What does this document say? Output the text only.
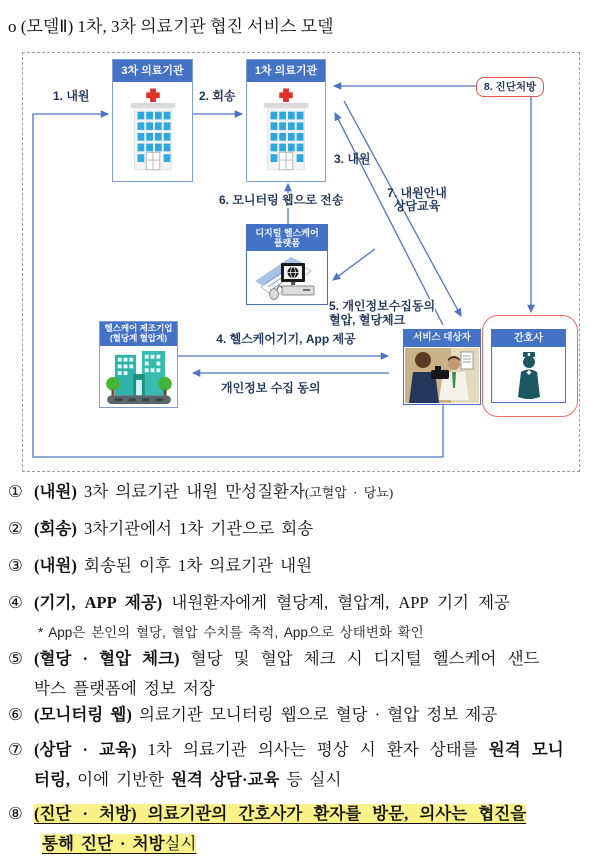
o (모델Ⅱ) 1차, 3차 의료기관 협진 서비스 모델
3차 의료기관	1차 의료기관
디지털 헬스케어
플랫폼
헬스케어 제조기업
(혈당계 혈압계)	서비스 대상자	간호사
1. 내원	2. 회송
3. 내원
7. 내원안내
상담교육
6. 모니터링 웹으로 전송
5. 개인정보수집동의
혈압, 혈당체크
4. 헬스케어기기, App 제공
개인정보 수집 동의
8. 진단처방
① (내원) 3차 의료기관 내원 만성질환자(고혈압 · 당뇨)
② (회송) 3차기관에서 1차 기관으로 회송
③ (내원) 회송된 이후 1차 의료기관 내원
④ (기기, APP 제공) 내원환자에게 혈당계, 혈압계, APP 기기 제공
* App은 본인의 혈당, 혈압 수치를 축적, App으로 상태변화 확인
⑤ (혈당 · 혈압 체크) 혈당 및 혈압 체크 시 디지털 헬스케어 샌드
박스 플랫폼에 정보 저장
⑥ (모니터링 웹) 의료기관 모니터링 웹으로 혈당 · 혈압 정보 제공
⑦ (상담 · 교육) 1차 의료기관 의사는 평상 시 환자 상태를 원격 모니
터링, 이에 기반한 원격 상담·교육 등 실시
⑧ (진단 · 처방) 의료기관의 간호사가 환자를 방문, 의사는 협진을
통해 진단 · 처방실시
